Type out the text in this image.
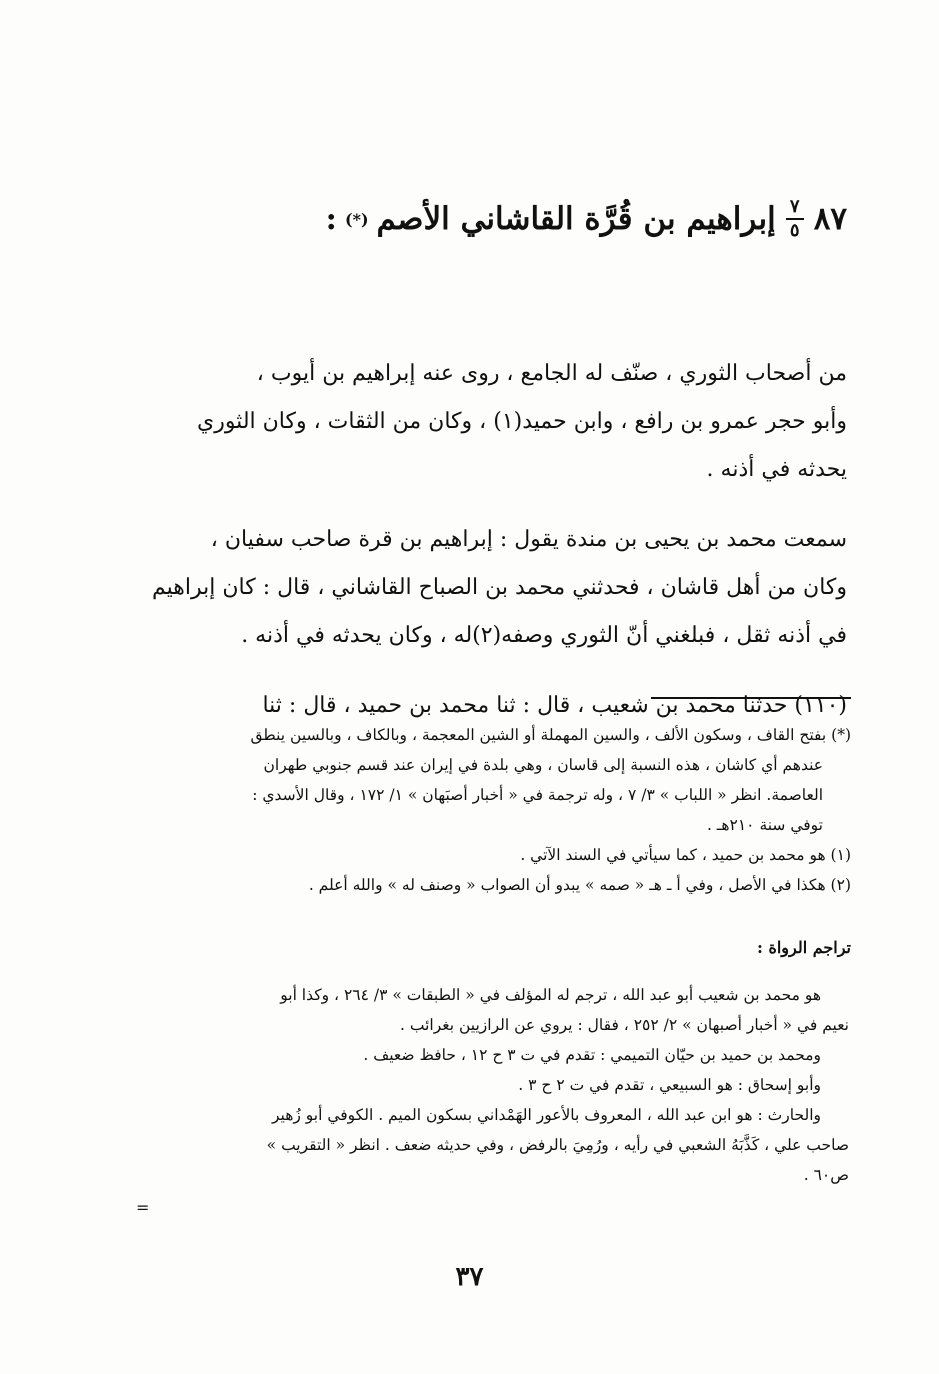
٨٧
$\frac{٧}{٥}$
إبراهيم بن قُرَّة القاشاني الأصم
(*)
:

من أصحاب الثوري ، صنّف له الجامع ، روى عنه إبراهيم بن أيوب ،
وأبو حجر عمرو بن رافع ، وابن حميد(١) ، وكان من الثقات ، وكان الثوري
يحدثه في أذنه .

سمعت محمد بن يحيى بن مندة يقول : إبراهيم بن قرة صاحب سفيان ،
وكان من أهل قاشان ، فحدثني محمد بن الصباح القاشاني ، قال : كان إبراهيم
في أذنه ثقل ، فبلغني أنّ الثوري وصفه(٢)له ، وكان يحدثه في أذنه .

(١١٠) حدثنا محمد بن شعيب ، قال : ثنا محمد بن حميد ، قال : ثنا

(*) بفتح القاف ، وسكون الألف ، والسين المهملة أو الشين المعجمة ، وبالكاف ، وبالسين ينطق
عندهم أي كاشان ، هذه النسبة إلى قاسان ، وهي بلدة في إيران عند قسم جنوبي طهران
العاصمة. انظر « اللباب » ٣/ ٧ ، وله ترجمة في « أخبار أصبَهان » ١/ ١٧٢ ، وقال الأسدي :
توفي سنة ٢١٠هـ .
(١) هو محمد بن حميد ، كما سيأتي في السند الآتي .
(٢) هكذا في الأصل ، وفي أ ـ هـ « صمه » يبدو أن الصواب « وصنف له » والله أعلم .
تراجم الرواة :
هو محمد بن شعيب أبو عبد الله ، ترجم له المؤلف في « الطبقات » ٣/ ٢٦٤ ، وكذا أبو
نعيم في « أخبار أصبهان » ٢/ ٢٥٢ ، فقال : يروي عن الرازيين بغرائب .
ومحمد بن حميد بن حيّان التميمي : تقدم في ت ٣ ح ١٢ ، حافظ ضعيف .
وأبو إسحاق : هو السبيعي ، تقدم في ت ٢ ح ٣ .
والحارث : هو ابن عبد الله ، المعروف بالأعور الهَمْداني بسكون الميم . الكوفي أبو زُهير
صاحب علي ، كَذَّبَهُ الشعبي في رأيه ، ورُمِيَ بالرفض ، وفي حديثه ضعف . انظر « التقريب »
ص٦٠ .
=
٣٧
